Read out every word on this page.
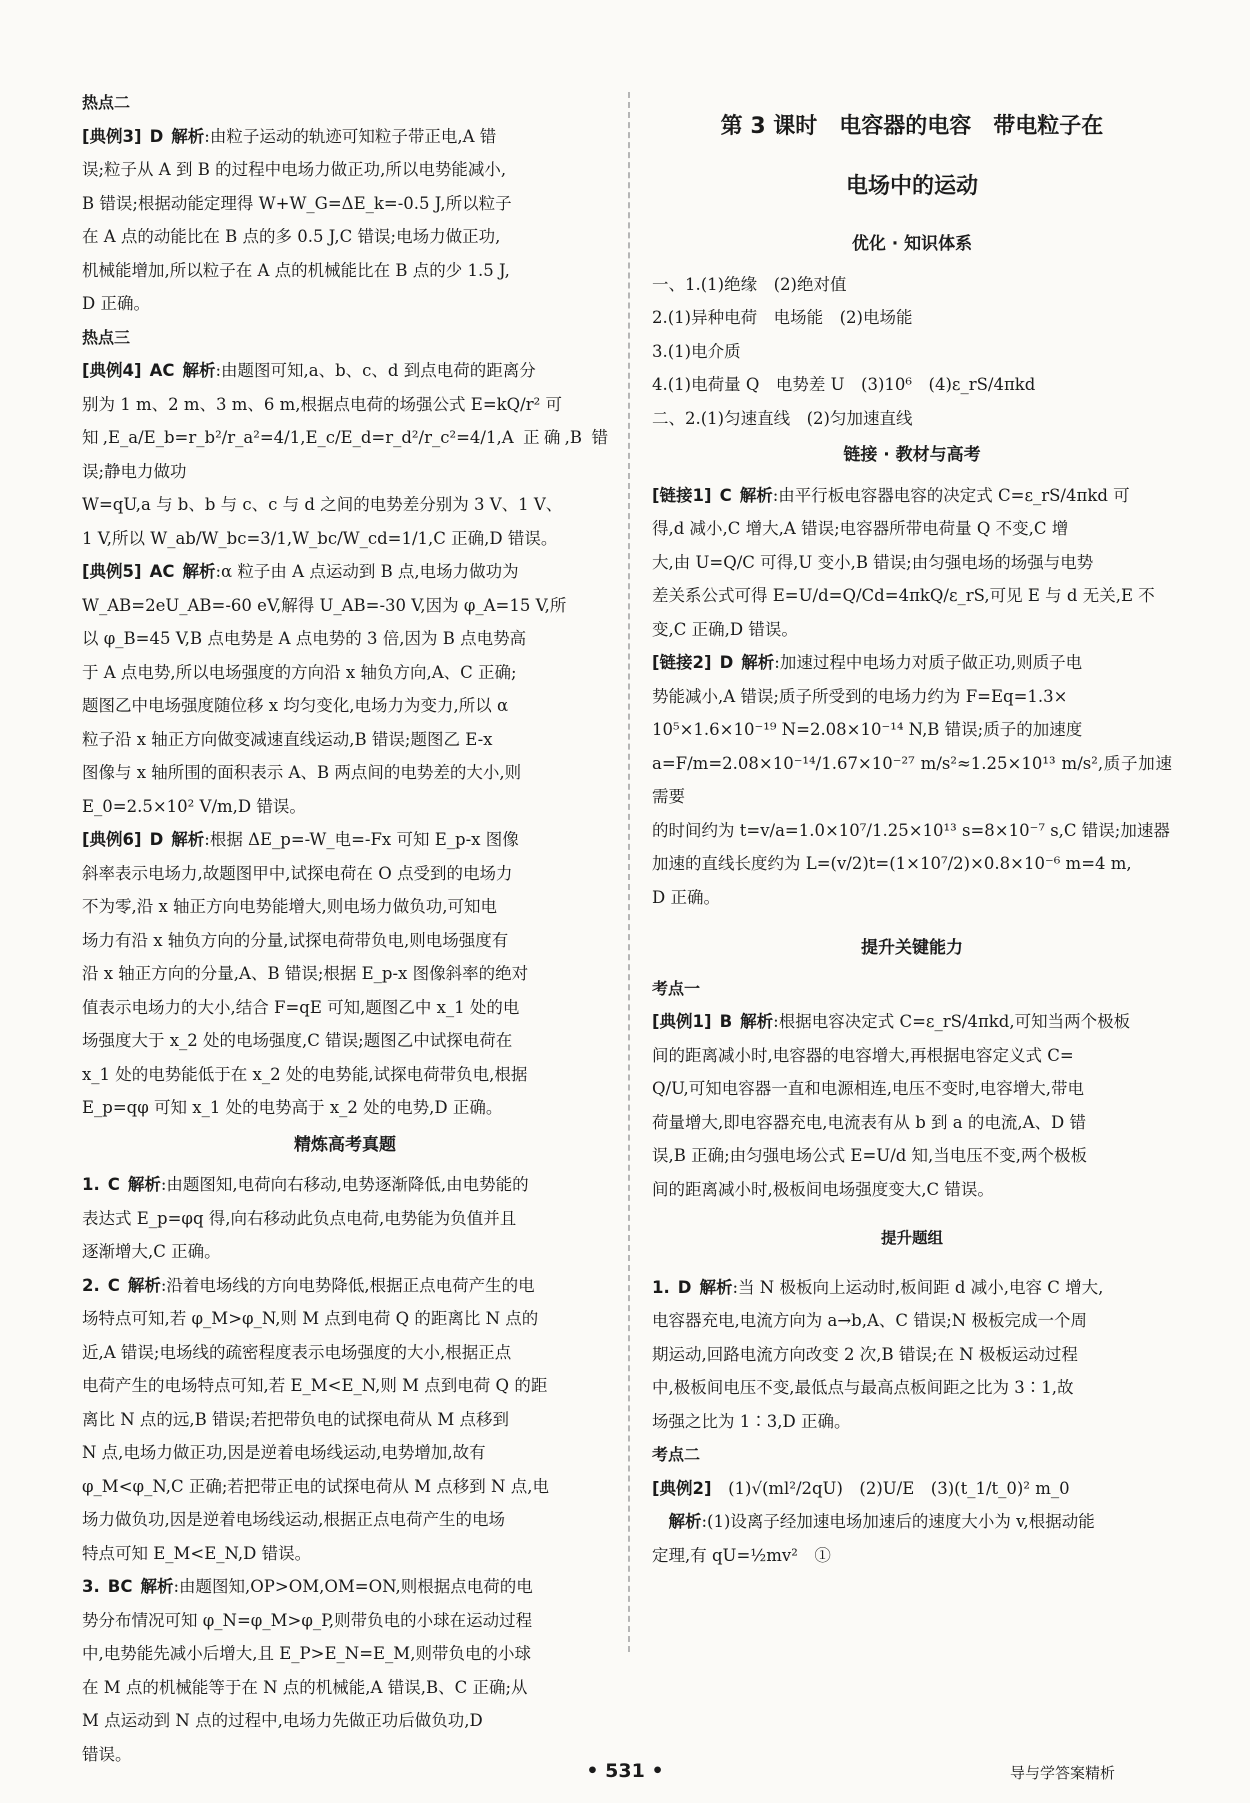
热点二

[典例3] D 解析:由粒子运动的轨迹可知粒子带正电,A 错

误;粒子从 A 到 B 的过程中电场力做正功,所以电势能减小,

B 错误;根据动能定理得 W+W_G=ΔE_k=-0.5 J,所以粒子

在 A 点的动能比在 B 点的多 0.5 J,C 错误;电场力做正功,

机械能增加,所以粒子在 A 点的机械能比在 B 点的少 1.5 J,

D 正确。

热点三

[典例4] AC 解析:由题图可知,a、b、c、d 到点电荷的距离分

别为 1 m、2 m、3 m、6 m,根据点电荷的场强公式 E=kQ/r² 可

知,E_a/E_b=r_b²/r_a²=4/1,E_c/E_d=r_d²/r_c²=4/1,A 正确,B 错误;静电力做功

W=qU,a 与 b、b 与 c、c 与 d 之间的电势差分别为 3 V、1 V、

1 V,所以 W_ab/W_bc=3/1,W_bc/W_cd=1/1,C 正确,D 错误。

[典例5] AC 解析:α 粒子由 A 点运动到 B 点,电场力做功为

W_AB=2eU_AB=-60 eV,解得 U_AB=-30 V,因为 φ_A=15 V,所

以 φ_B=45 V,B 点电势是 A 点电势的 3 倍,因为 B 点电势高

于 A 点电势,所以电场强度的方向沿 x 轴负方向,A、C 正确;

题图乙中电场强度随位移 x 均匀变化,电场力为变力,所以 α

粒子沿 x 轴正方向做变减速直线运动,B 错误;题图乙 E-x

图像与 x 轴所围的面积表示 A、B 两点间的电势差的大小,则

E_0=2.5×10² V/m,D 错误。

[典例6] D 解析:根据 ΔE_p=-W_电=-Fx 可知 E_p-x 图像

斜率表示电场力,故题图甲中,试探电荷在 O 点受到的电场力

不为零,沿 x 轴正方向电势能增大,则电场力做负功,可知电

场力有沿 x 轴负方向的分量,试探电荷带负电,则电场强度有

沿 x 轴正方向的分量,A、B 错误;根据 E_p-x 图像斜率的绝对

值表示电场力的大小,结合 F=qE 可知,题图乙中 x_1 处的电

场强度大于 x_2 处的电场强度,C 错误;题图乙中试探电荷在

x_1 处的电势能低于在 x_2 处的电势能,试探电荷带负电,根据

E_p=qφ 可知 x_1 处的电势高于 x_2 处的电势,D 正确。

精炼高考真题

1. C 解析:由题图知,电荷向右移动,电势逐渐降低,由电势能的

表达式 E_p=φq 得,向右移动此负点电荷,电势能为负值并且

逐渐增大,C 正确。

2. C 解析:沿着电场线的方向电势降低,根据正点电荷产生的电

场特点可知,若 φ_M>φ_N,则 M 点到电荷 Q 的距离比 N 点的

近,A 错误;电场线的疏密程度表示电场强度的大小,根据正点

电荷产生的电场特点可知,若 E_M<E_N,则 M 点到电荷 Q 的距

离比 N 点的远,B 错误;若把带负电的试探电荷从 M 点移到

N 点,电场力做正功,因是逆着电场线运动,电势增加,故有

φ_M<φ_N,C 正确;若把带正电的试探电荷从 M 点移到 N 点,电

场力做负功,因是逆着电场线运动,根据正点电荷产生的电场

特点可知 E_M<E_N,D 错误。

3. BC 解析:由题图知,OP>OM,OM=ON,则根据点电荷的电

势分布情况可知 φ_N=φ_M>φ_P,则带负电的小球在运动过程

中,电势能先减小后增大,且 E_P>E_N=E_M,则带负电的小球

在 M 点的机械能等于在 N 点的机械能,A 错误,B、C 正确;从

M 点运动到 N 点的过程中,电场力先做正功后做负功,D

错误。

第 3 课时　电容器的电容　带电粒子在

电场中的运动

优化 · 知识体系

一、1.(1)绝缘　(2)绝对值

2.(1)异种电荷　电场能　(2)电场能

3.(1)电介质

4.(1)电荷量 Q　电势差 U　(3)10⁶　(4)ε_rS/4πkd

二、2.(1)匀速直线　(2)匀加速直线

链接 · 教材与高考

[链接1] C 解析:由平行板电容器电容的决定式 C=ε_rS/4πkd 可

得,d 减小,C 增大,A 错误;电容器所带电荷量 Q 不变,C 增

大,由 U=Q/C 可得,U 变小,B 错误;由匀强电场的场强与电势

差关系公式可得 E=U/d=Q/Cd=4πkQ/ε_rS,可见 E 与 d 无关,E 不

变,C 正确,D 错误。

[链接2] D 解析:加速过程中电场力对质子做正功,则质子电

势能减小,A 错误;质子所受到的电场力约为 F=Eq=1.3×

10⁵×1.6×10⁻¹⁹ N=2.08×10⁻¹⁴ N,B 错误;质子的加速度

a=F/m=2.08×10⁻¹⁴/1.67×10⁻²⁷ m/s²≈1.25×10¹³ m/s²,质子加速需要

的时间约为 t=v/a=1.0×10⁷/1.25×10¹³ s=8×10⁻⁷ s,C 错误;加速器

加速的直线长度约为 L=(v/2)t=(1×10⁷/2)×0.8×10⁻⁶ m=4 m,

D 正确。

提升关键能力

考点一

[典例1] B 解析:根据电容决定式 C=ε_rS/4πkd,可知当两个极板

间的距离减小时,电容器的电容增大,再根据电容定义式 C=

Q/U,可知电容器一直和电源相连,电压不变时,电容增大,带电

荷量增大,即电容器充电,电流表有从 b 到 a 的电流,A、D 错

误,B 正确;由匀强电场公式 E=U/d 知,当电压不变,两个极板

间的距离减小时,极板间电场强度变大,C 错误。

提升题组

1. D 解析:当 N 极板向上运动时,板间距 d 减小,电容 C 增大,

电容器充电,电流方向为 a→b,A、C 错误;N 极板完成一个周

期运动,回路电流方向改变 2 次,B 错误;在 N 极板运动过程

中,极板间电压不变,最低点与最高点板间距之比为 3∶1,故

场强之比为 1∶3,D 正确。

考点二

[典例2]　 (1)√(ml²/2qU)　(2)U/E　(3)(t_1/t_0)² m_0

　解析:(1)设离子经加速电场加速后的速度大小为 v,根据动能

定理,有 qU=½mv²　①

• 531 •	导与学答案精析
